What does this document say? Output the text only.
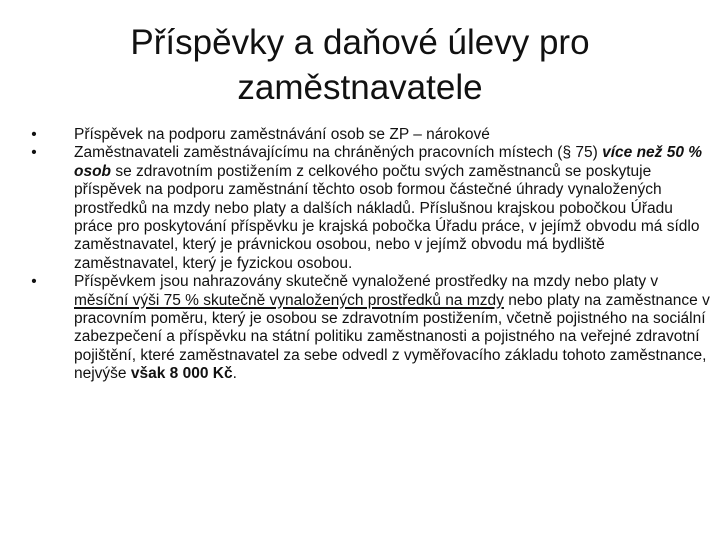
Příspěvky a daňové úlevy pro zaměstnavatele
• Příspěvek na podporu zaměstnávání osob se ZP – nárokové
• Zaměstnavateli zaměstnávajícímu na chráněných pracovních místech (§ 75) více než 50 % osob se zdravotním postižením z celkového počtu svých zaměstnanců se poskytuje příspěvek na podporu zaměstnání těchto osob formou částečné úhrady vynaložených prostředků na mzdy nebo platy a dalších nákladů. Příslušnou krajskou pobočkou Úřadu práce pro poskytování příspěvku je krajská pobočka Úřadu práce, v jejímž obvodu má sídlo zaměstnavatel, který je právnickou osobou, nebo v jejímž obvodu má bydliště zaměstnavatel, který je fyzickou osobou.
• Příspěvkem jsou nahrazovány skutečně vynaložené prostředky na mzdy nebo platy v měsíční výši 75 % skutečně vynaložených prostředků na mzdy nebo platy na zaměstnance v pracovním poměru, který je osobou se zdravotním postižením, včetně pojistného na sociální zabezpečení a příspěvku na státní politiku zaměstnanosti a pojistného na veřejné zdravotní pojištění, které zaměstnavatel za sebe odvedl z vyměřovacího základu tohoto zaměstnance, nejvýše však 8 000 Kč.
